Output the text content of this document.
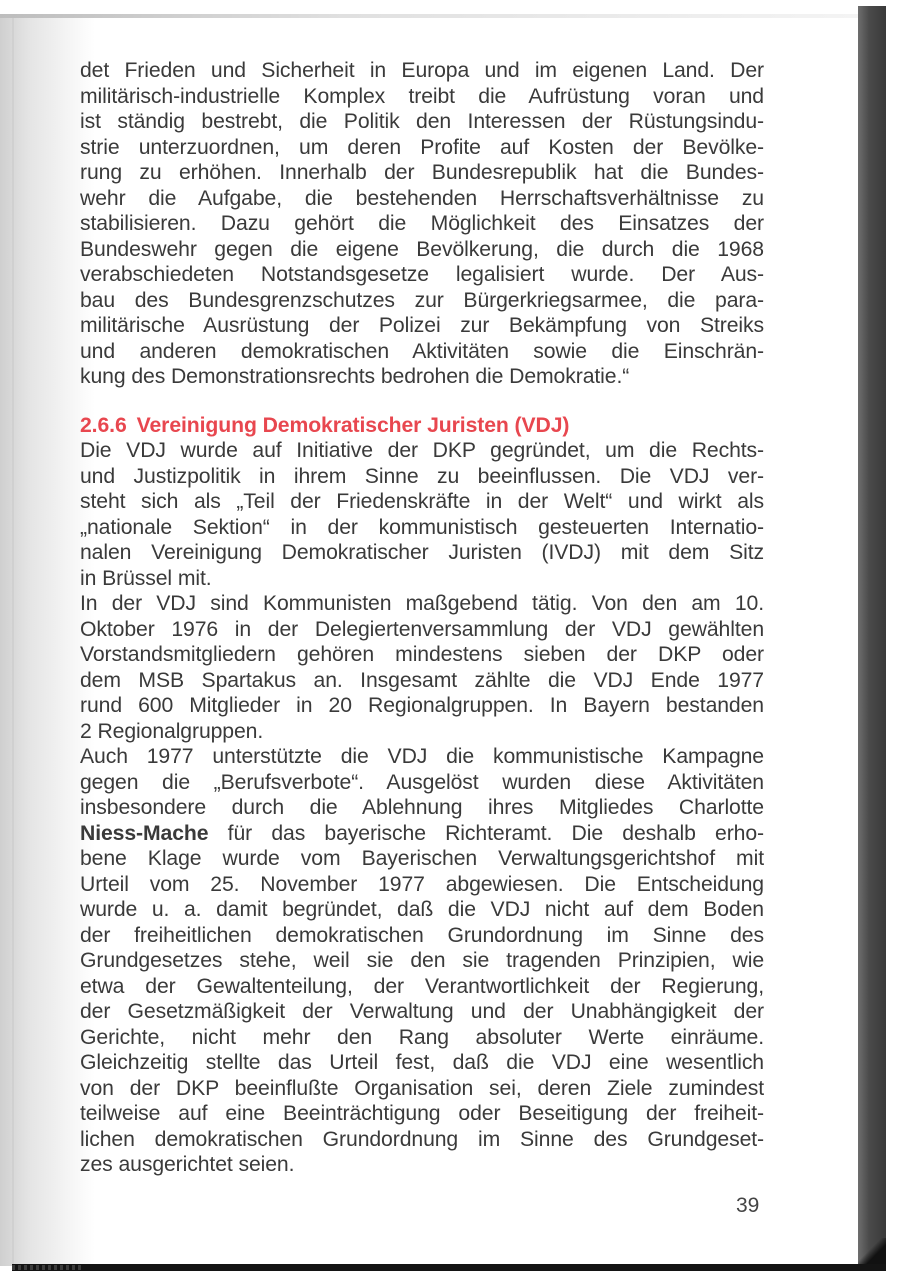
det Frieden und Sicherheit in Europa und im eigenen Land. Der
militärisch-industrielle Komplex treibt die Aufrüstung voran und
ist ständig bestrebt, die Politik den Interessen der Rüstungsindu-
strie unterzuordnen, um deren Profite auf Kosten der Bevölke-
rung zu erhöhen. Innerhalb der Bundesrepublik hat die Bundes-
wehr die Aufgabe, die bestehenden Herrschaftsverhältnisse zu
stabilisieren. Dazu gehört die Möglichkeit des Einsatzes der
Bundeswehr gegen die eigene Bevölkerung, die durch die 1968
verabschiedeten Notstandsgesetze legalisiert wurde. Der Aus-
bau des Bundesgrenzschutzes zur Bürgerkriegsarmee, die para-
militärische Ausrüstung der Polizei zur Bekämpfung von Streiks
und anderen demokratischen Aktivitäten sowie die Einschrän-
kung des Demonstrationsrechts bedrohen die Demokratie.“

2.6.6 Vereinigung Demokratischer Juristen (VDJ)

Die VDJ wurde auf Initiative der DKP gegründet, um die Rechts-
und Justizpolitik in ihrem Sinne zu beeinflussen. Die VDJ ver-
steht sich als „Teil der Friedenskräfte in der Welt“ und wirkt als
„nationale Sektion“ in der kommunistisch gesteuerten Internatio-
nalen Vereinigung Demokratischer Juristen (IVDJ) mit dem Sitz
in Brüssel mit.

In der VDJ sind Kommunisten maßgebend tätig. Von den am 10.
Oktober 1976 in der Delegiertenversammlung der VDJ gewählten
Vorstandsmitgliedern gehören mindestens sieben der DKP oder
dem MSB Spartakus an. Insgesamt zählte die VDJ Ende 1977
rund 600 Mitglieder in 20 Regionalgruppen. In Bayern bestanden
2 Regionalgruppen.

Auch 1977 unterstützte die VDJ die kommunistische Kampagne
gegen die „Berufsverbote“. Ausgelöst wurden diese Aktivitäten
insbesondere durch die Ablehnung ihres Mitgliedes Charlotte
Niess-Mache für das bayerische Richteramt. Die deshalb erho-
bene Klage wurde vom Bayerischen Verwaltungsgerichtshof mit
Urteil vom 25. November 1977 abgewiesen. Die Entscheidung
wurde u. a. damit begründet, daß die VDJ nicht auf dem Boden
der freiheitlichen demokratischen Grundordnung im Sinne des
Grundgesetzes stehe, weil sie den sie tragenden Prinzipien, wie
etwa der Gewaltenteilung, der Verantwortlichkeit der Regierung,
der Gesetzmäßigkeit der Verwaltung und der Unabhängigkeit der
Gerichte, nicht mehr den Rang absoluter Werte einräume.
Gleichzeitig stellte das Urteil fest, daß die VDJ eine wesentlich
von der DKP beeinflußte Organisation sei, deren Ziele zumindest
teilweise auf eine Beeinträchtigung oder Beseitigung der freiheit-
lichen demokratischen Grundordnung im Sinne des Grundgeset-
zes ausgerichtet seien.

39
